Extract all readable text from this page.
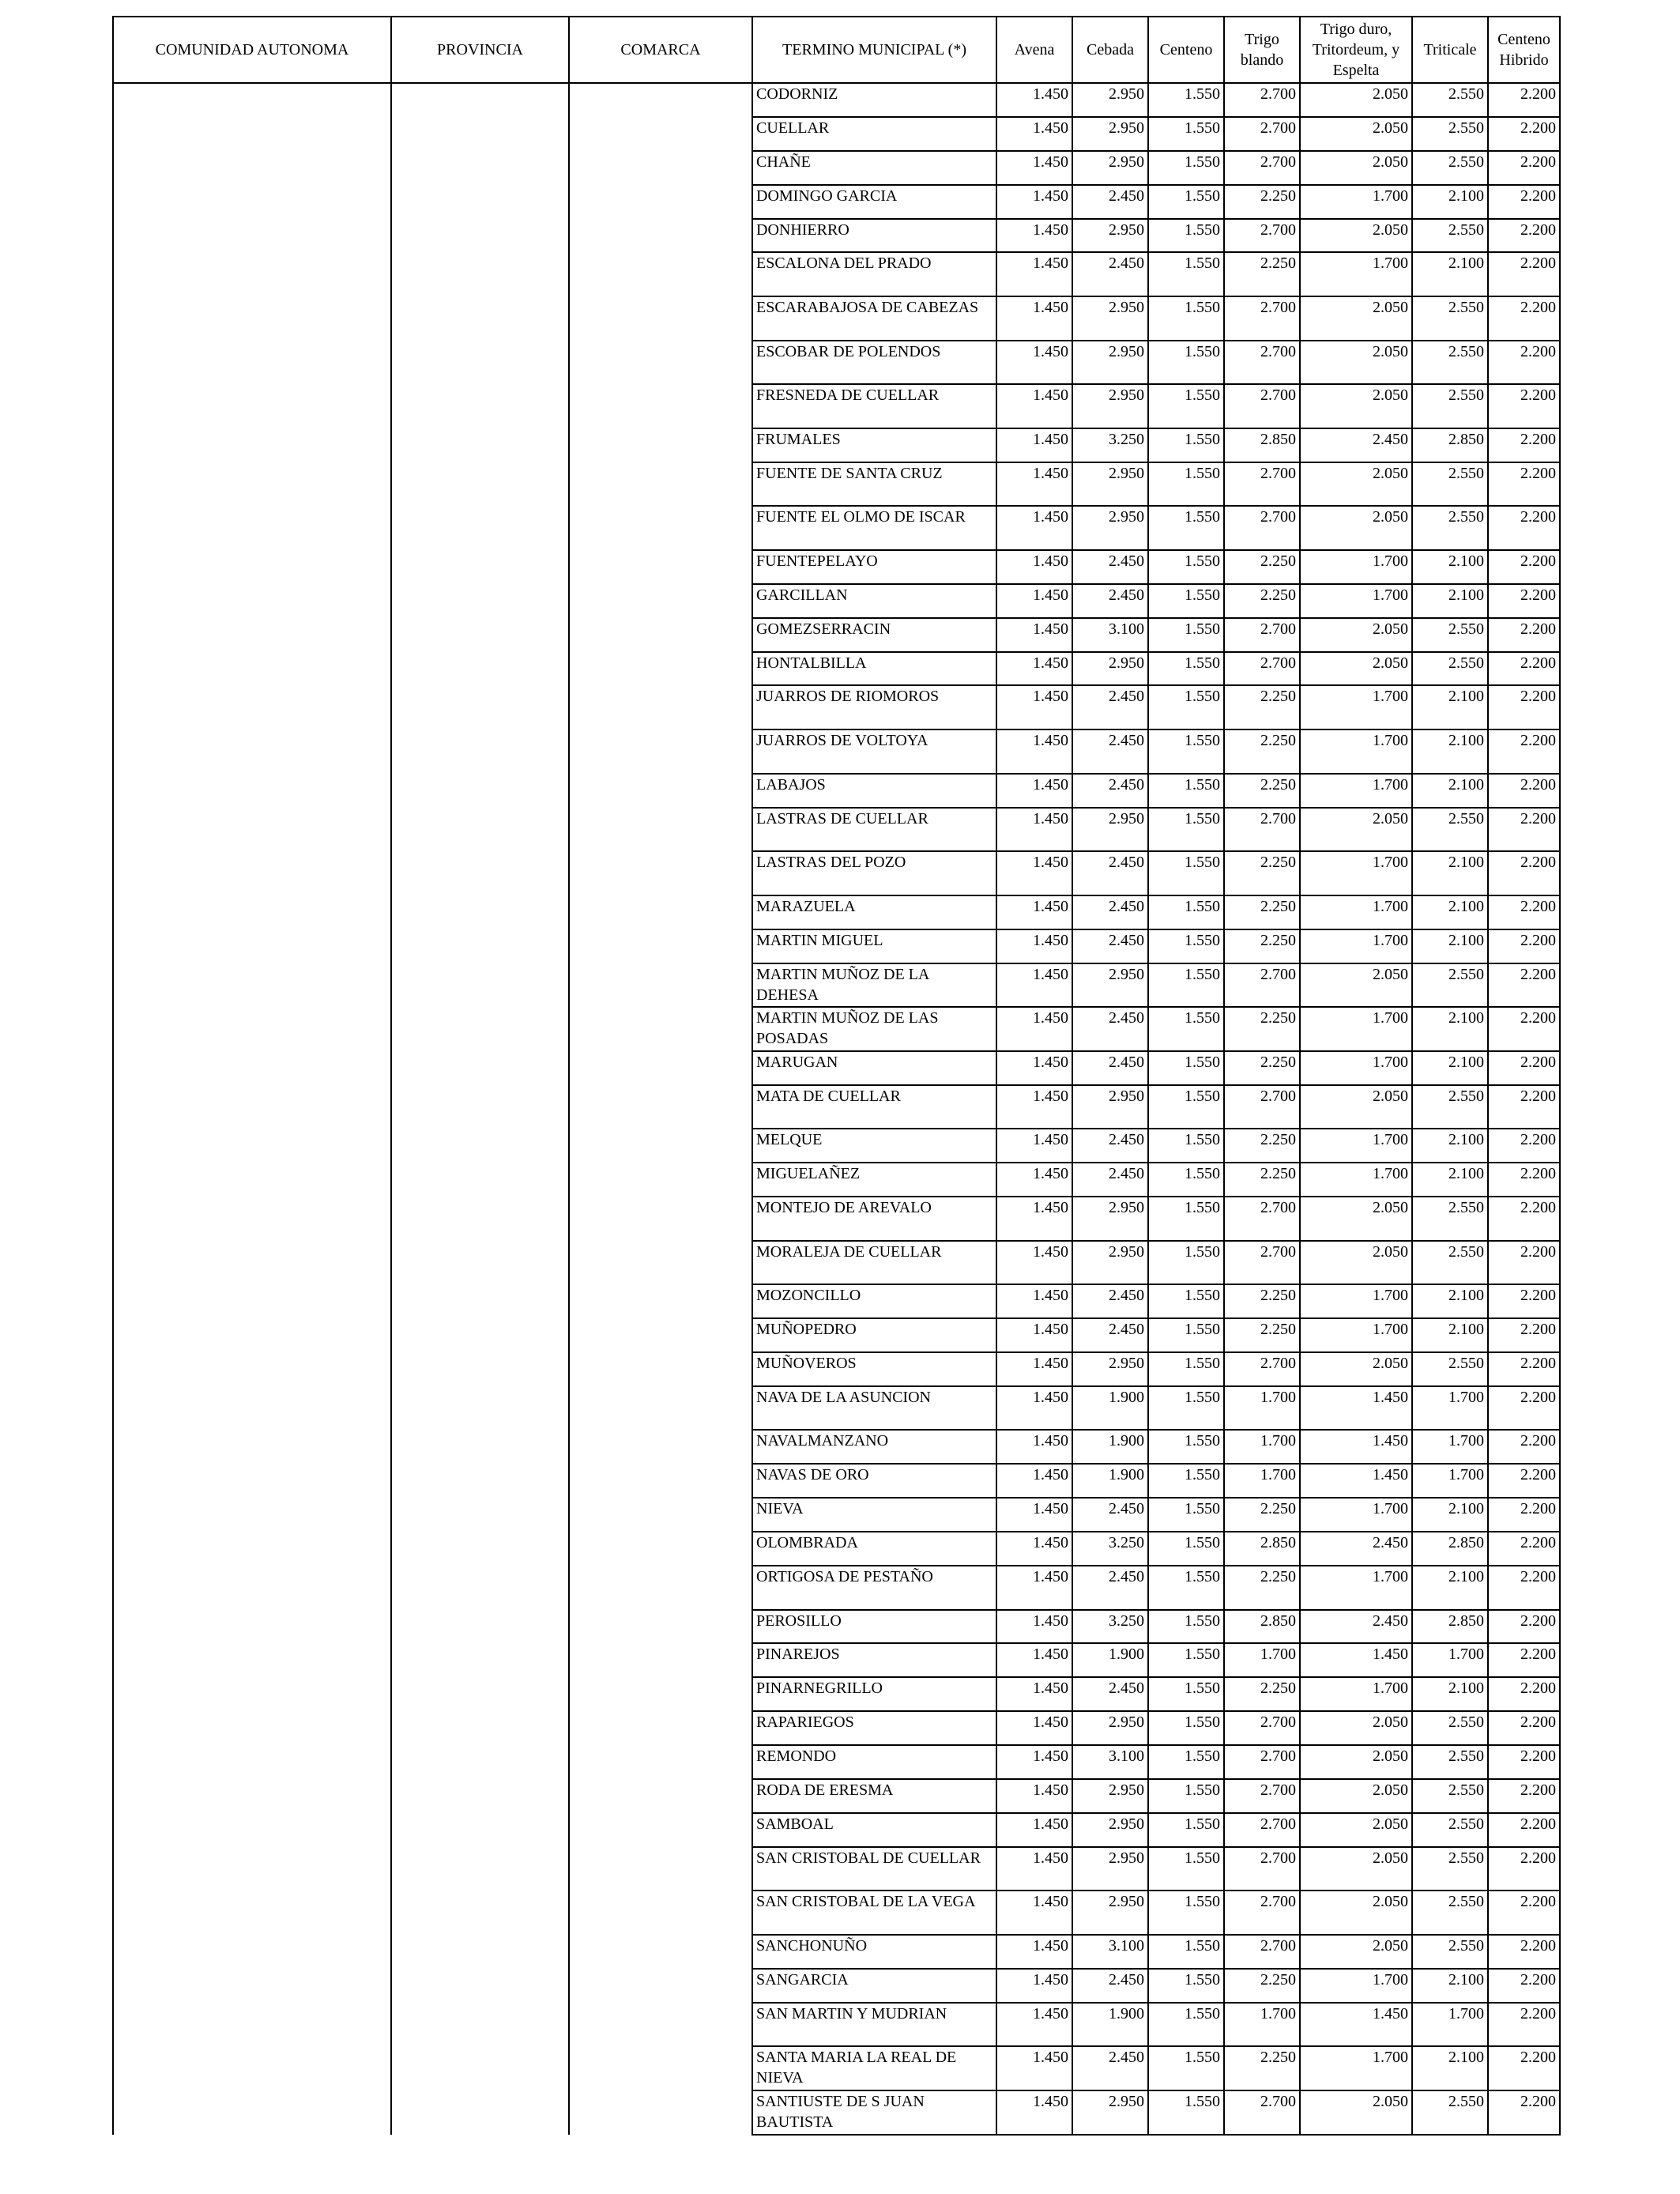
COMUNIDAD AUTONOMA	PROVINCIA	COMARCA	TERMINO MUNICIPAL (*)	Avena	Cebada	Centeno	Trigo blando	Trigo duro, Tritordeum, y Espelta	Triticale	Centeno Hibrido
			CODORNIZ	1.450	2.950	1.550	2.700	2.050	2.550	2.200
			CUELLAR	1.450	2.950	1.550	2.700	2.050	2.550	2.200
			CHAÑE	1.450	2.950	1.550	2.700	2.050	2.550	2.200
			DOMINGO GARCIA	1.450	2.450	1.550	2.250	1.700	2.100	2.200
			DONHIERRO	1.450	2.950	1.550	2.700	2.050	2.550	2.200
			ESCALONA DEL PRADO	1.450	2.450	1.550	2.250	1.700	2.100	2.200
			ESCARABAJOSA DE CABEZAS	1.450	2.950	1.550	2.700	2.050	2.550	2.200
			ESCOBAR DE POLENDOS	1.450	2.950	1.550	2.700	2.050	2.550	2.200
			FRESNEDA DE CUELLAR	1.450	2.950	1.550	2.700	2.050	2.550	2.200
			FRUMALES	1.450	3.250	1.550	2.850	2.450	2.850	2.200
			FUENTE DE SANTA CRUZ	1.450	2.950	1.550	2.700	2.050	2.550	2.200
			FUENTE EL OLMO DE ISCAR	1.450	2.950	1.550	2.700	2.050	2.550	2.200
			FUENTEPELAYO	1.450	2.450	1.550	2.250	1.700	2.100	2.200
			GARCILLAN	1.450	2.450	1.550	2.250	1.700	2.100	2.200
			GOMEZSERRACIN	1.450	3.100	1.550	2.700	2.050	2.550	2.200
			HONTALBILLA	1.450	2.950	1.550	2.700	2.050	2.550	2.200
			JUARROS DE RIOMOROS	1.450	2.450	1.550	2.250	1.700	2.100	2.200
			JUARROS DE VOLTOYA	1.450	2.450	1.550	2.250	1.700	2.100	2.200
			LABAJOS	1.450	2.450	1.550	2.250	1.700	2.100	2.200
			LASTRAS DE CUELLAR	1.450	2.950	1.550	2.700	2.050	2.550	2.200
			LASTRAS DEL POZO	1.450	2.450	1.550	2.250	1.700	2.100	2.200
			MARAZUELA	1.450	2.450	1.550	2.250	1.700	2.100	2.200
			MARTIN MIGUEL	1.450	2.450	1.550	2.250	1.700	2.100	2.200
			MARTIN MUÑOZ DE LA DEHESA	1.450	2.950	1.550	2.700	2.050	2.550	2.200
			MARTIN MUÑOZ DE LAS POSADAS	1.450	2.450	1.550	2.250	1.700	2.100	2.200
			MARUGAN	1.450	2.450	1.550	2.250	1.700	2.100	2.200
			MATA DE CUELLAR	1.450	2.950	1.550	2.700	2.050	2.550	2.200
			MELQUE	1.450	2.450	1.550	2.250	1.700	2.100	2.200
			MIGUELAÑEZ	1.450	2.450	1.550	2.250	1.700	2.100	2.200
			MONTEJO DE AREVALO	1.450	2.950	1.550	2.700	2.050	2.550	2.200
			MORALEJA DE CUELLAR	1.450	2.950	1.550	2.700	2.050	2.550	2.200
			MOZONCILLO	1.450	2.450	1.550	2.250	1.700	2.100	2.200
			MUÑOPEDRO	1.450	2.450	1.550	2.250	1.700	2.100	2.200
			MUÑOVEROS	1.450	2.950	1.550	2.700	2.050	2.550	2.200
			NAVA DE LA ASUNCION	1.450	1.900	1.550	1.700	1.450	1.700	2.200
			NAVALMANZANO	1.450	1.900	1.550	1.700	1.450	1.700	2.200
			NAVAS DE ORO	1.450	1.900	1.550	1.700	1.450	1.700	2.200
			NIEVA	1.450	2.450	1.550	2.250	1.700	2.100	2.200
			OLOMBRADA	1.450	3.250	1.550	2.850	2.450	2.850	2.200
			ORTIGOSA DE PESTAÑO	1.450	2.450	1.550	2.250	1.700	2.100	2.200
			PEROSILLO	1.450	3.250	1.550	2.850	2.450	2.850	2.200
			PINAREJOS	1.450	1.900	1.550	1.700	1.450	1.700	2.200
			PINARNEGRILLO	1.450	2.450	1.550	2.250	1.700	2.100	2.200
			RAPARIEGOS	1.450	2.950	1.550	2.700	2.050	2.550	2.200
			REMONDO	1.450	3.100	1.550	2.700	2.050	2.550	2.200
			RODA DE ERESMA	1.450	2.950	1.550	2.700	2.050	2.550	2.200
			SAMBOAL	1.450	2.950	1.550	2.700	2.050	2.550	2.200
			SAN CRISTOBAL DE CUELLAR	1.450	2.950	1.550	2.700	2.050	2.550	2.200
			SAN CRISTOBAL DE LA VEGA	1.450	2.950	1.550	2.700	2.050	2.550	2.200
			SANCHONUÑO	1.450	3.100	1.550	2.700	2.050	2.550	2.200
			SANGARCIA	1.450	2.450	1.550	2.250	1.700	2.100	2.200
			SAN MARTIN Y MUDRIAN	1.450	1.900	1.550	1.700	1.450	1.700	2.200
			SANTA MARIA LA REAL DE NIEVA	1.450	2.450	1.550	2.250	1.700	2.100	2.200
			SANTIUSTE DE S JUAN BAUTISTA	1.450	2.950	1.550	2.700	2.050	2.550	2.200
